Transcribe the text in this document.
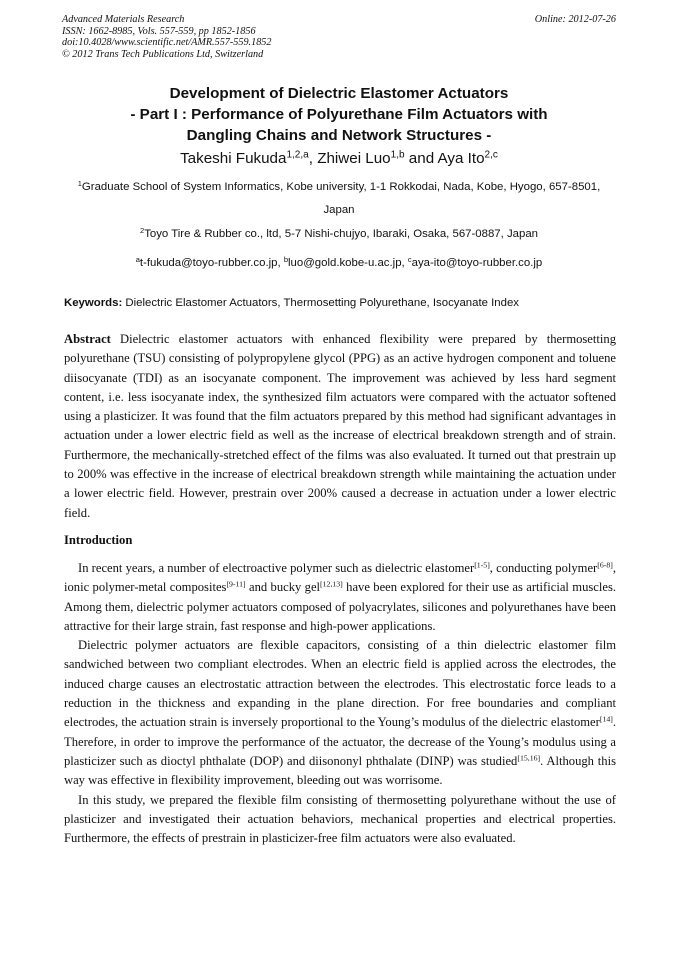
Advanced Materials Research
ISSN: 1662-8985, Vols. 557-559, pp 1852-1856
doi:10.4028/www.scientific.net/AMR.557-559.1852
© 2012 Trans Tech Publications Ltd, Switzerland
Online: 2012-07-26
Development of Dielectric Elastomer Actuators
- Part I : Performance of Polyurethane Film Actuators with
Dangling Chains and Network Structures -
Takeshi Fukuda$^{1,2,a}$, Zhiwei Luo$^{1,b}$ and Aya Ito$^{2,c}$
$^1$Graduate School of System Informatics, Kobe university, 1-1 Rokkodai, Nada, Kobe, Hyogo, 657-8501, Japan
$^2$Toyo Tire & Rubber co., ltd, 5-7 Nishi-chujyo, Ibaraki, Osaka, 567-0887, Japan
$^a$t-fukuda@toyo-rubber.co.jp, $^b$luo@gold.kobe-u.ac.jp, $^c$aya-ito@toyo-rubber.co.jp
Keywords: Dielectric Elastomer Actuators, Thermosetting Polyurethane, Isocyanate Index
Abstract Dielectric elastomer actuators with enhanced flexibility were prepared by thermosetting polyurethane (TSU) consisting of polypropylene glycol (PPG) as an active hydrogen component and toluene diisocyanate (TDI) as an isocyanate component. The improvement was achieved by less hard segment content, i.e. less isocyanate index, the synthesized film actuators were compared with the actuator softened using a plasticizer. It was found that the film actuators prepared by this method had significant advantages in actuation under a lower electric field as well as the increase of electrical breakdown strength and of strain. Furthermore, the mechanically-stretched effect of the films was also evaluated. It turned out that prestrain up to 200% was effective in the increase of electrical breakdown strength while maintaining the actuation under a lower electric field. However, prestrain over 200% caused a decrease in actuation under a lower electric field.
Introduction

In recent years, a number of electroactive polymer such as dielectric elastomer[1-5], conducting polymer[6-8], ionic polymer-metal composites[9-11] and bucky gel[12,13] have been explored for their use as artificial muscles. Among them, dielectric polymer actuators composed of polyacrylates, silicones and polyurethanes have been attractive for their large strain, fast response and high-power applications.

Dielectric polymer actuators are flexible capacitors, consisting of a thin dielectric elastomer film sandwiched between two compliant electrodes. When an electric field is applied across the electrodes, the induced charge causes an electrostatic attraction between the electrodes. This electrostatic force leads to a reduction in the thickness and expanding in the plane direction. For free boundaries and compliant electrodes, the actuation strain is inversely proportional to the Young’s modulus of the dielectric elastomer[14]. Therefore, in order to improve the performance of the actuator, the decrease of the Young’s modulus using a plasticizer such as dioctyl phthalate (DOP) and diisononyl phthalate (DINP) was studied[15,16]. Although this way was effective in flexibility improvement, bleeding out was worrisome.

In this study, we prepared the flexible film consisting of thermosetting polyurethane without the use of plasticizer and investigated their actuation behaviors, mechanical properties and electrical properties. Furthermore, the effects of prestrain in plasticizer-free film actuators were also evaluated.
